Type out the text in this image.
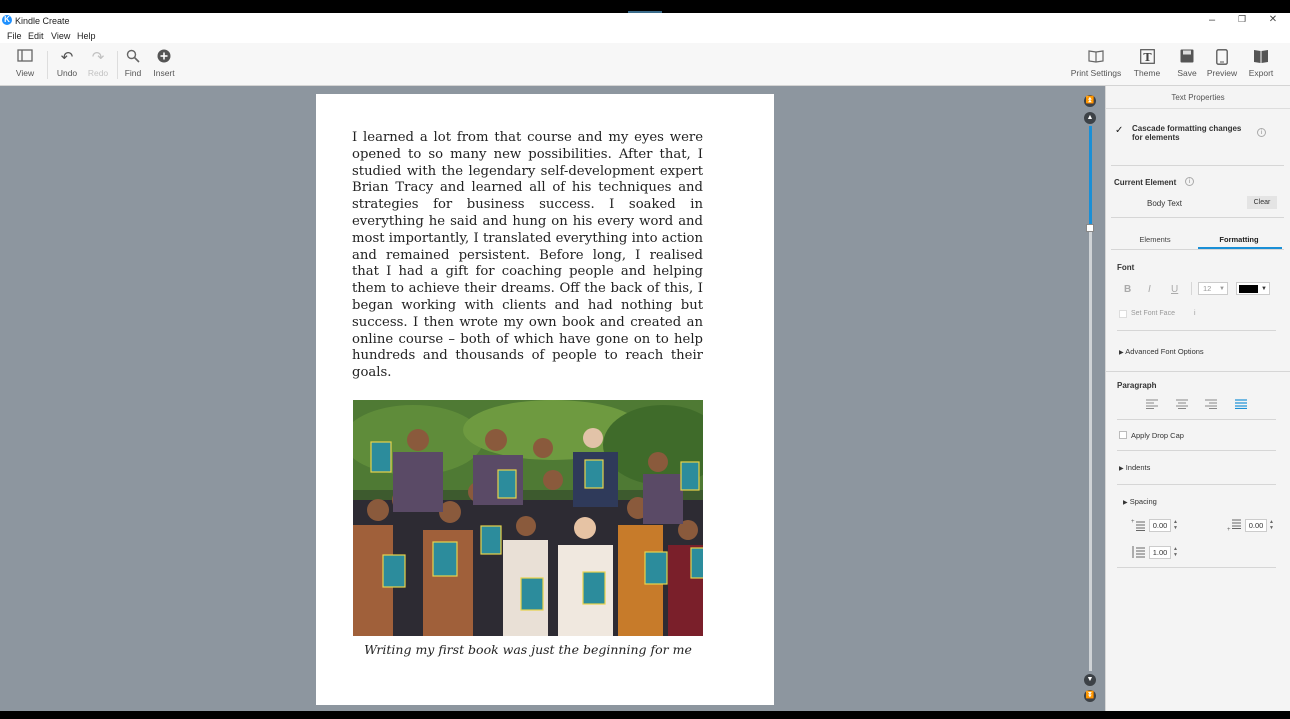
K Kindle Create	–	❐	✕
File Edit View Help
View
↶
Undo
↷
Redo	Find	Insert	Print Settings
T
Theme	Save	Preview	Export
I learned a lot from that course and my eyes were opened to so many new possibilities. After that, I studied with the legendary self-development expert Brian Tracy and learned all of his techniques and strategies for business success. I soaked in everything he said and hung on his every word and most importantly, I translated everything into action and remained persistent. Before long, I realised that I had a gift for coaching people and helping them to achieve their dreams. Off the back of this, I began working with clients and had nothing but success. I then wrote my own book and created an online course – both of which have gone on to help hundreds and thousands of people to reach their goals.
Writing my first book was just the beginning for me
⏫
▲
▼
⏬
Text Properties
✓ Cascade formatting changes for elements	i
Current Element	i
Body Text	Clear
Elements	Formatting
Font
B I U	12 ▼	▼
Set Font Face	i
▶ Advanced Font Options
Paragraph
Apply Drop Cap
▶ Indents
▶ Spacing
+	0.00	▲
▼	+	0.00	▲
▼
1.00	▲
▼
